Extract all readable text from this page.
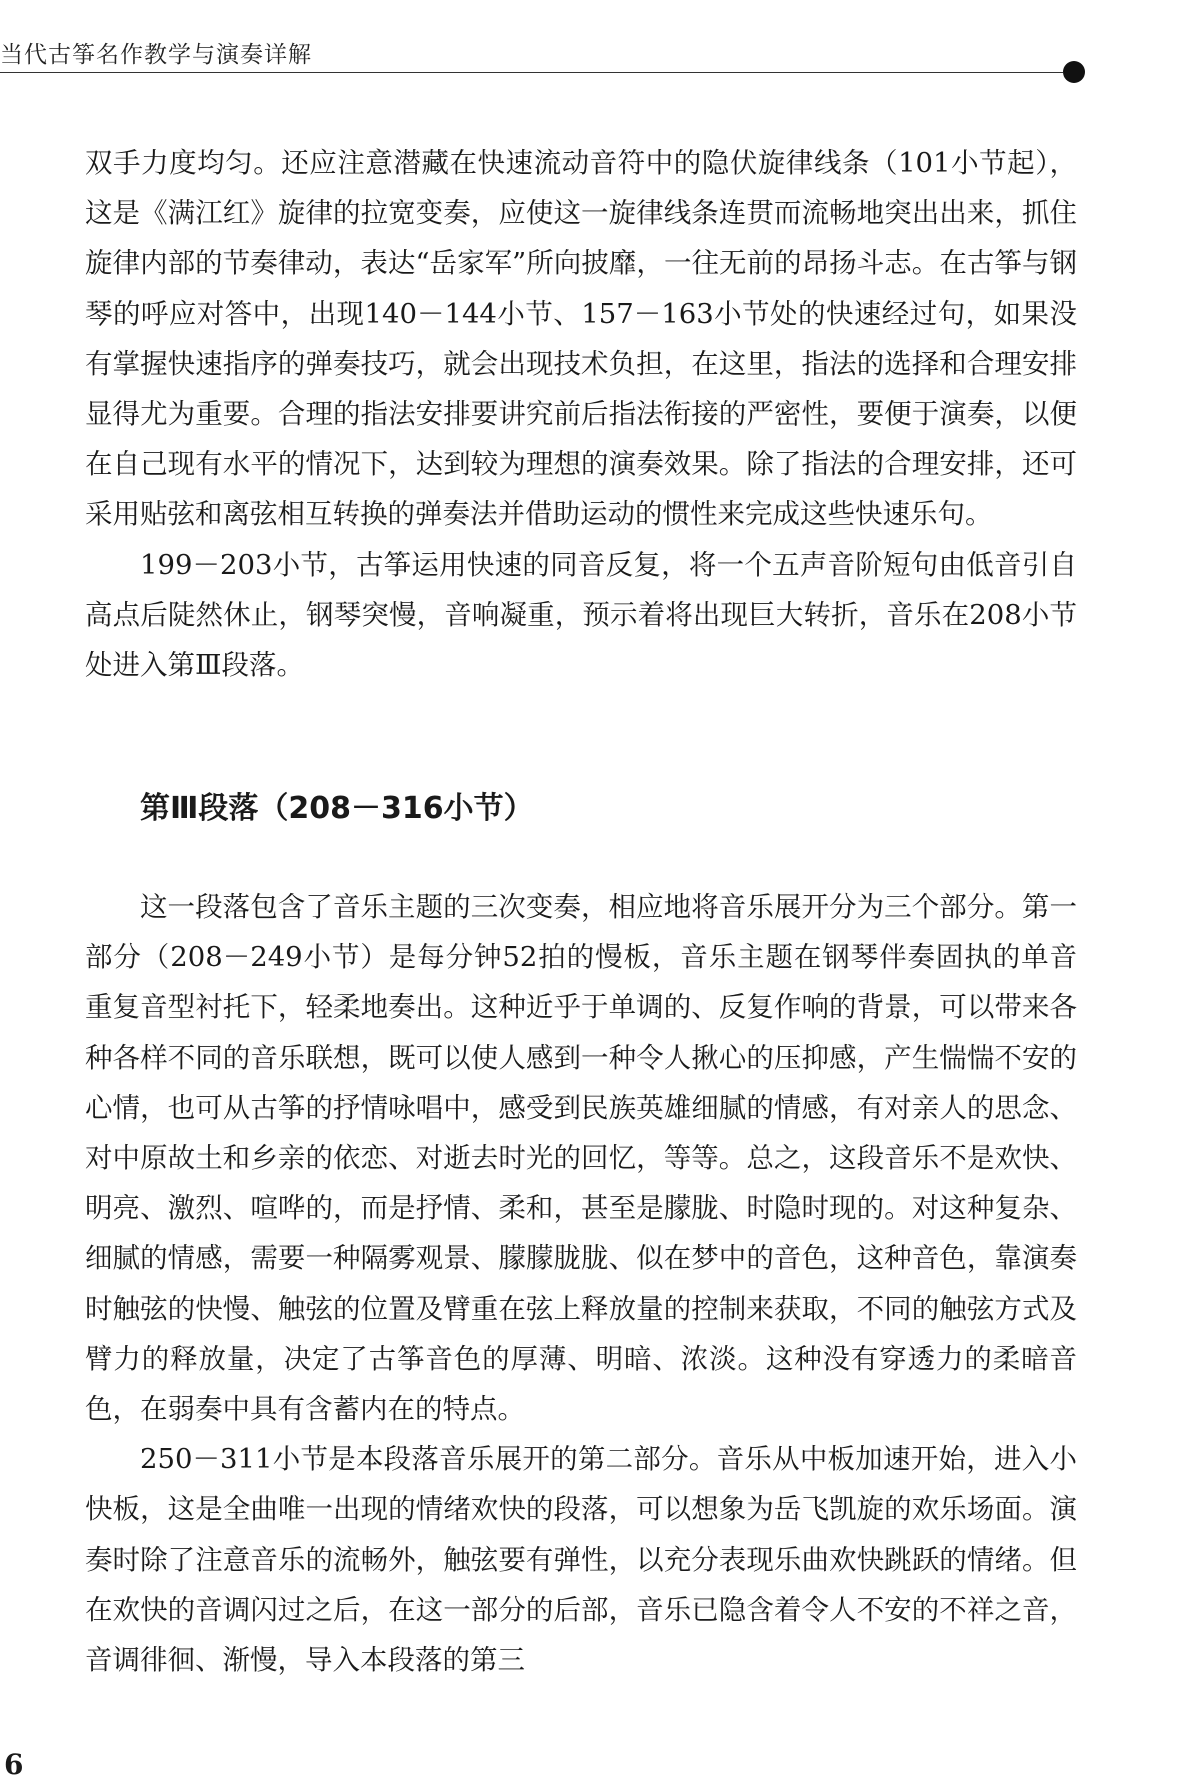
当代古筝名作教学与演奏详解

双手力度均匀。还应注意潜藏在快速流动音符中的隐伏旋律线条（101小节起），这是《满江红》旋律的拉宽变奏，应使这一旋律线条连贯而流畅地突出出来，抓住旋律内部的节奏律动，表达“岳家军”所向披靡，一往无前的昂扬斗志。在古筝与钢琴的呼应对答中，出现140－144小节、157－163小节处的快速经过句，如果没有掌握快速指序的弹奏技巧，就会出现技术负担，在这里，指法的选择和合理安排显得尤为重要。合理的指法安排要讲究前后指法衔接的严密性，要便于演奏，以便在自己现有水平的情况下，达到较为理想的演奏效果。除了指法的合理安排，还可采用贴弦和离弦相互转换的弹奏法并借助运动的惯性来完成这些快速乐句。

199－203小节，古筝运用快速的同音反复，将一个五声音阶短句由低音引自高点后陡然休止，钢琴突慢，音响凝重，预示着将出现巨大转折，音乐在208小节处进入第Ⅲ段落。

第Ⅲ段落（208－316小节）

这一段落包含了音乐主题的三次变奏，相应地将音乐展开分为三个部分。第一部分（208－249小节）是每分钟52拍的慢板，音乐主题在钢琴伴奏固执的单音重复音型衬托下，轻柔地奏出。这种近乎于单调的、反复作响的背景，可以带来各种各样不同的音乐联想，既可以使人感到一种令人揪心的压抑感，产生惴惴不安的心情，也可从古筝的抒情咏唱中，感受到民族英雄细腻的情感，有对亲人的思念、对中原故土和乡亲的依恋、对逝去时光的回忆，等等。总之，这段音乐不是欢快、明亮、激烈、喧哗的，而是抒情、柔和，甚至是朦胧、时隐时现的。对这种复杂、细腻的情感，需要一种隔雾观景、朦朦胧胧、似在梦中的音色，这种音色，靠演奏时触弦的快慢、触弦的位置及臂重在弦上释放量的控制来获取，不同的触弦方式及臂力的释放量，决定了古筝音色的厚薄、明暗、浓淡。这种没有穿透力的柔暗音色，在弱奏中具有含蓄内在的特点。

250－311小节是本段落音乐展开的第二部分。音乐从中板加速开始，进入小快板，这是全曲唯一出现的情绪欢快的段落，可以想象为岳飞凯旋的欢乐场面。演奏时除了注意音乐的流畅外，触弦要有弹性，以充分表现乐曲欢快跳跃的情绪。但在欢快的音调闪过之后，在这一部分的后部，音乐已隐含着令人不安的不祥之音，音调徘徊、渐慢，导入本段落的第三

6
